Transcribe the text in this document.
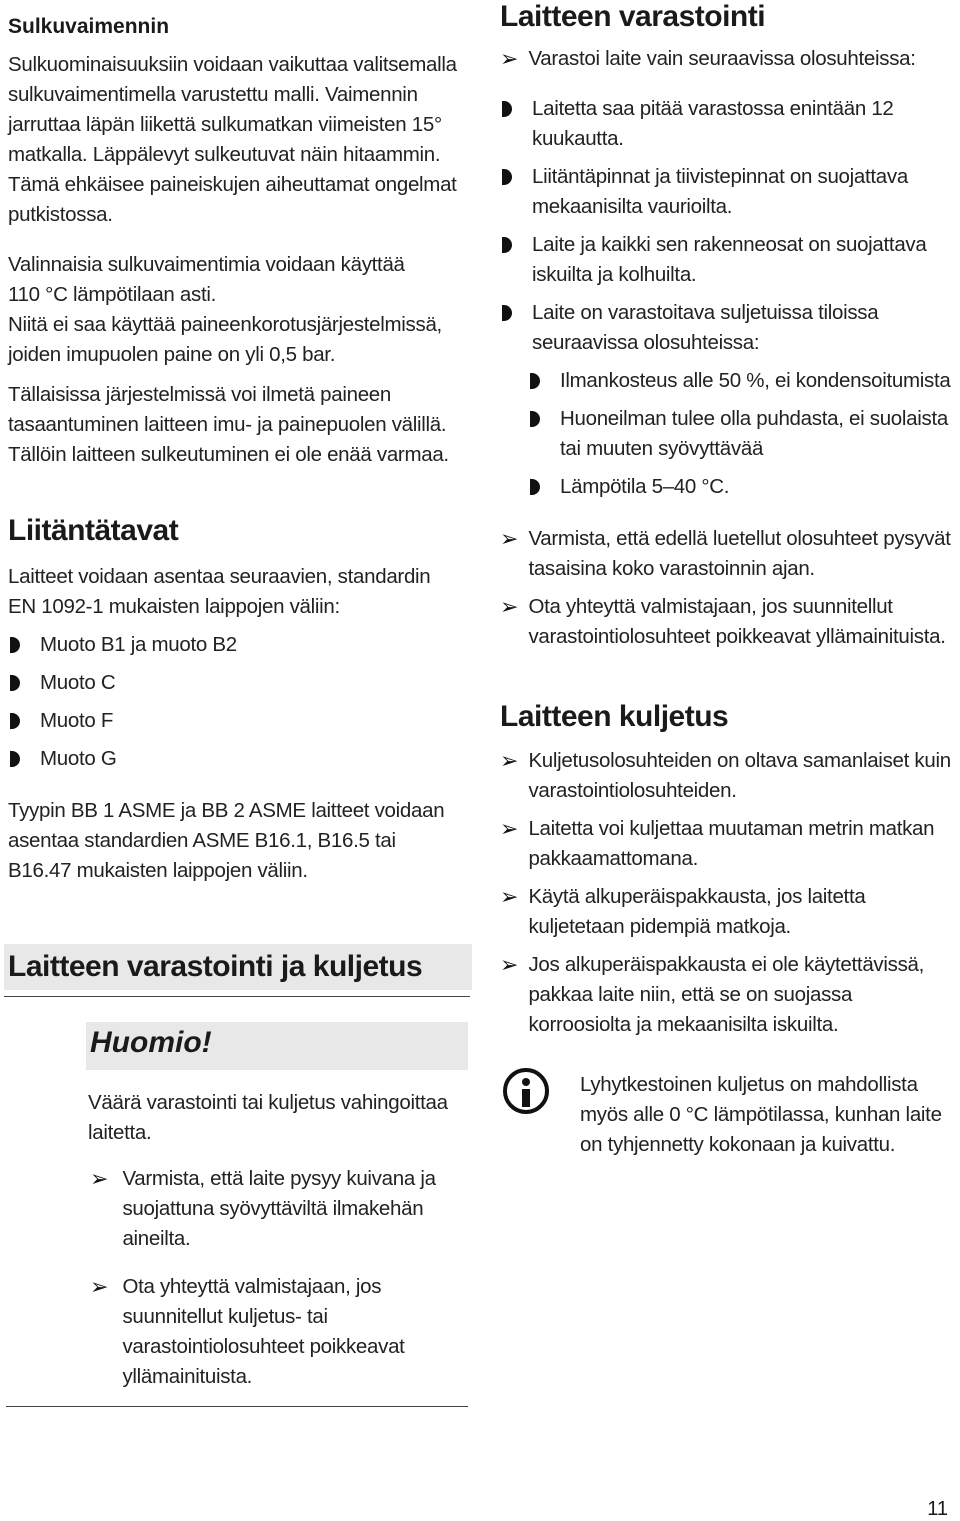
Sulkuvaimennin

Sulkuominaisuuksiin voidaan vaikuttaa valitsemalla

sulkuvaimentimella varustettu malli. Vaimennin

jarruttaa läpän liikettä sulkumatkan viimeisten 15°

matkalla. Läppälevyt sulkeutuvat näin hitaammin.

Tämä ehkäisee paineiskujen aiheuttamat ongelmat

putkistossa.

Valinnaisia sulkuvaimentimia voidaan käyttää

110 °C lämpötilaan asti.

Niitä ei saa käyttää paineenkorotusjärjestelmissä,

joiden imupuolen paine on yli 0,5 bar.

Tällaisissa järjestelmissä voi ilmetä paineen

tasaantuminen laitteen imu- ja painepuolen välillä.

Tällöin laitteen sulkeutuminen ei ole enää varmaa.

Liitäntätavat

Laitteet voidaan asentaa seuraavien, standardin

EN 1092-1 mukaisten laippojen väliin:

Muoto B1 ja muoto B2
Muoto C
Muoto F
Muoto G

Tyypin BB 1 ASME ja BB 2 ASME laitteet voidaan

asentaa standardien ASME B16.1, B16.5 tai

B16.47 mukaisten laippojen väliin.

Laitteen varastointi ja kuljetus

Huomio!

Väärä varastointi tai kuljetus vahingoittaa

laitetta.

➢ Varmista, että laite pysyy kuivana ja

suojattuna syövyttäviltä ilmakehän

aineilta.

➢ Ota yhteyttä valmistajaan, jos

suunnitellut kuljetus- tai

varastointiolosuhteet poikkeavat

yllämainituista.

Laitteen varastointi
➢ Varastoi laite vain seuraavissa olosuhteissa:

Laitetta saa pitää varastossa enintään 12

kuukautta.

Liitäntäpinnat ja tiivistepinnat on suojattava

mekaanisilta vaurioilta.

Laite ja kaikki sen rakenneosat on suojattava

iskuilta ja kolhuilta.

Laite on varastoitava suljetuissa tiloissa

seuraavissa olosuhteissa:

Ilmankosteus alle 50 %, ei kondensoitumista

Huoneilman tulee olla puhdasta, ei suolaista

tai muuten syövyttävää

Lämpötila 5–40 °C.

➢ Varmista, että edellä luetellut olosuhteet pysyvät

tasaisina koko varastoinnin ajan.

➢ Ota yhteyttä valmistajaan, jos suunnitellut

varastointiolosuhteet poikkeavat yllämainituista.

Laitteen kuljetus
➢ Kuljetusolosuhteiden on oltava samanlaiset kuin

varastointiolosuhteiden.

➢ Laitetta voi kuljettaa muutaman metrin matkan

pakkaamattomana.

➢ Käytä alkuperäispakkausta, jos laitetta

kuljetetaan pidempiä matkoja.

➢ Jos alkuperäispakkausta ei ole käytettävissä,

pakkaa laite niin, että se on suojassa

korroosiolta ja mekaanisilta iskuilta.

Lyhytkestoinen kuljetus on mahdollista

myös alle 0 °C lämpötilassa, kunhan laite

on tyhjennetty kokonaan ja kuivattu.

11
